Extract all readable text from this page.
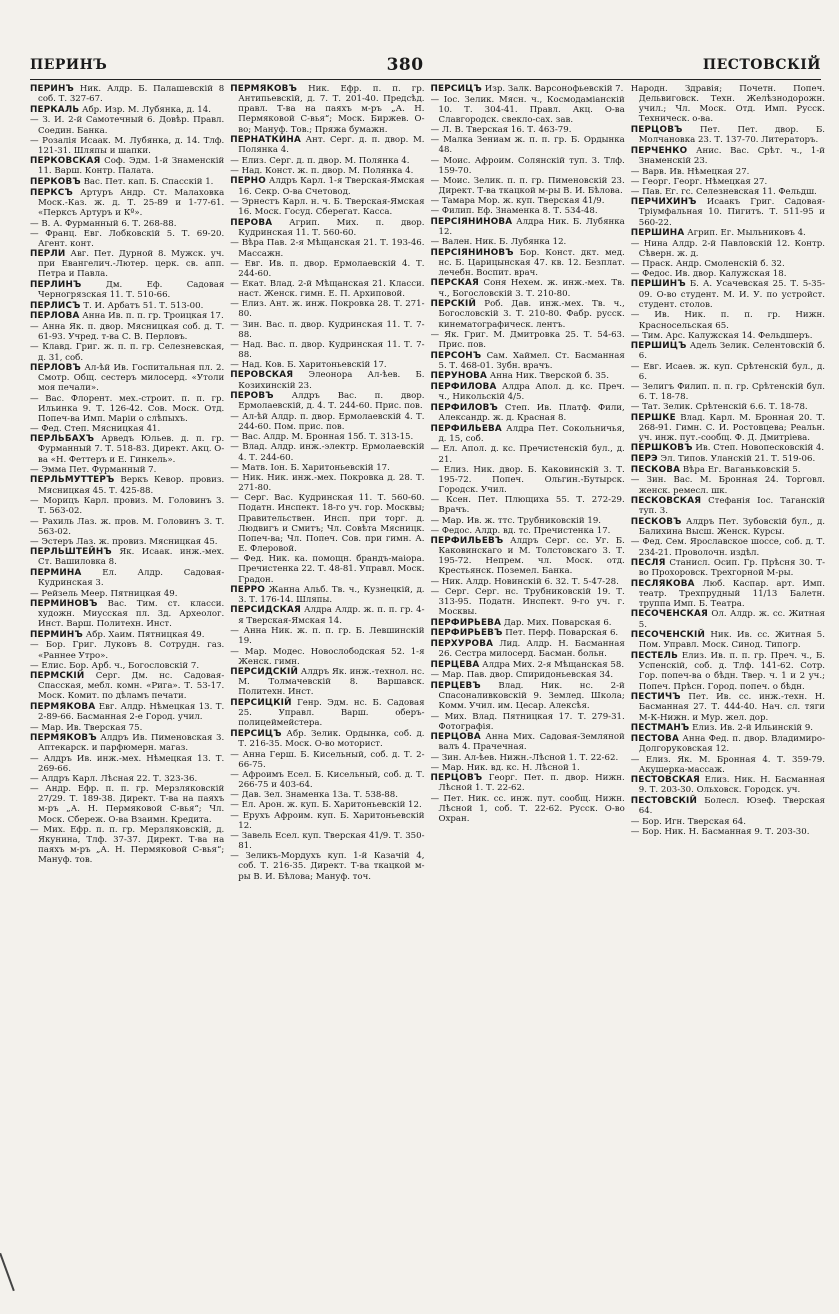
ПЕРИНЪ	380	ПЕСТОВСКIЙ
ПЕРИНЪ Ник. Алдр. Б. Палашевскiй 8 соб. Т. 327-67.
ПЕРКАЛЬ Абр. Изр. М. Лубянка, д. 14.
— З. И. 2-й Самотечный 6. Довѣр. Правл. Соедин. Банка.
— Розалiя Исаак. М. Лубянка, д. 14. Тлф. 121-31. Шляпы и шапки.
ПЕРКОВСКАЯ Соф. Эдм. 1-й Знаменскiй 11. Варш. Контр. Палата.
ПЕРКОВЪ Вас. Пет. кап. Б. Спасскiй 1.
ПЕРКСЪ Артуръ Андр. Ст. Малаховка Моск.-Каз. ж. д. Т. 25-89 и 1-77-61. «Перксъ Артуръ и Кº».
— В. А. Фурманный 6. Т. 268-88.
— Франц. Евг. Лобковскiй 5. Т. 69-20. Агент. конт.
ПЕРЛИ Авг. Пет. Дурной 8. Мужск. уч. при Евангелич.-Лютер. церк. св. апп. Петра и Павла.
ПЕРЛИНЪ Дм. Еф. Садовая Черногрязская 11. Т. 510-66.
ПЕРЛИСЪ Т. И. Арбатъ 51. Т. 513-00.
ПЕРЛОВА Анна Ив. п. п. гр. Троицкая 17.
— Анна Як. п. двор. Мясницкая соб. д. Т. 61-93. Учред. т-ва С. В. Перловъ.
— Клавд. Григ. ж. п. п. гр. Селезневская, д. 31, соб.
ПЕРЛОВЪ Ал-ѣй Ив. Госпитальная пл. 2. Смотр. Общ. сестеръ милосерд. «Утоли моя печали».
— Вас. Флорент. мех.-строит. п. п. гр. Ильинка 9. Т. 126-42. Сов. Моск. Отд. Попеч-ва Имп. Марiи о слѣпыхъ.
— Фед. Степ. Мясницкая 41.
ПЕРЛЬБАХЪ Арведъ Юльев. д. п. гр. Фурманный 7. Т. 518-83. Директ. Акц. О-ва «Н. Феттеръ и Е. Гинкель».
— Эмма Пет. Фурманный 7.
ПЕРЛЬМУТТЕРЪ Веркъ Кевор. провиз. Мясницкая 45. Т. 425-88.
— Морицъ Карл. провиз. М. Головинъ 3. Т. 563-02.
— Рахиль Лаз. ж. пров. М. Головинъ 3. Т. 563-02.
— Эстеръ Лаз. ж. провиз. Мясницкая 45.
ПЕРЛЬШТЕЙНЪ Як. Исаак. инж.-мех. Ст. Вашиловка 8.
ПЕРМИНА Ел. Алдр. Садовая-Кудринская 3.
— Рейзель Меер. Пятницкая 49.
ПЕРМИНОВЪ Вас. Тим. ст. класси. художн. Миусская пл. 3д. Археолог. Инст. Варш. Политехн. Инст.
ПЕРМИНЪ Абр. Хаим. Пятницкая 49.
— Бор. Григ. Луковъ 8. Сотрудн. газ. «Раннее Утро».
— Елис. Бор. Арб. ч., Богословскiй 7.
ПЕРМСКIЙ Серг. Дм. нс. Садовая-Спасская, мебл. комн. «Рига». Т. 53-17. Моск. Комит. по дѣламъ печати.
ПЕРМЯКОВА Евг. Алдр. Нѣмецкая 13. Т. 2-89-66. Басманная 2-е Город. учил.
— Мар. Ив. Тверская 75.
ПЕРМЯКОВЪ Алдръ Ив. Пименовская 3. Аптекарск. и парфюмерн. магаз.
— Алдръ Ив. инж.-мех. Нѣмецкая 13. Т. 269-66.
— Алдръ Карл. Лѣсная 22. Т. 323-36.
— Андр. Ефр. п. п. гр. Мерзляковскiй 27/29. Т. 189-38. Директ. Т-ва на паяхъ м-ръ „А. Н. Пермяковой С-вья“; Чл. Моск. Сбереж. О-ва Взаимн. Кредита.
— Мих. Ефр. п. п. гр. Мерзляковскiй, д. Якунина, Тлф. 37-37. Директ. Т-ва на паяхъ м-ръ „А. Н. Пермяковой С-вья“; Мануф. тов.
ПЕРМЯКОВЪ Ник. Ефр. п. п. гр. Антипьевскiй, д. 7. Т. 201-40. Предсѣд. правл. Т-ва на паяхъ м-ръ „А. Н. Пермяковой С-вья“; Моск. Биржев. О-во; Мануф. Тов.; Пряжа бумажн.
ПЕРНАТКИНА Ант. Серг. д. п. двор. М. Полянка 4.
— Елиз. Серг. д. п. двор. М. Полянка 4.
— Над. Конст. ж. п. двор. М. Полянка 4.
ПЕРНО Алдръ Карл. 1-я Тверская-Ямская 16. Секр. О-ва Счетовод.
— Эрнестъ Карл. н. ч. Б. Тверская-Ямская 16. Моск. Госуд. Сберегат. Касса.
ПЕРОВА Агрип. Мих. п. двор. Кудринская 11. Т. 560-60.
— Вѣра Пав. 2-я Мѣщанская 21. Т. 193-46. Массажн.
— Евг. Ив. п. двор. Ермолаевскiй 4. Т. 244-60.
— Екат. Влад. 2-й Мѣщанская 21. Класси. наст. Женск. гимн. Е. П. Архиповой.
— Елиз. Ант. ж. инж. Покровка 28. Т. 271-80.
— Зин. Вас. п. двор. Кудринская 11. Т. 7-88.
— Над. Вас. п. двор. Кудринская 11. Т. 7-88.
— Над. Ков. Б. Харитоньевскiй 17.
ПЕРОВСКАЯ Элеонора Ал-ѣев. Б. Козихинскiй 23.
ПЕРОВЪ Алдръ Вас. п. двор. Ермолаевскiй, д. 4. Т. 244-60. Прис. пов.
— Ал-ѣй Алдр. п. двор. Ермолаевскiй 4. Т. 244-60. Пом. прис. пов.
— Вас. Алдр. М. Бронная 15б. Т. 313-15.
— Влад. Алдр. инж.-электр. Ермолаевскiй 4. Т. 244-60.
— Матв. Iон. Б. Харитоньевскiй 17.
— Ник. Ник. инж.-мех. Покровка д. 28. Т. 271-80.
— Серг. Вас. Кудринская 11. Т. 560-60. Податн. Инспект. 18-го уч. гор. Москвы; Правительствен. Инсп. при торг. д. Людвигъ и Смитъ; Чл. Совѣта Мясницк. Попеч-ва; Чл. Попеч. Сов. при гимн. А. Е. Флеровой.
— Фед. Ник. ка. помощн. брандъ-маiора. Пречистенка 22. Т. 48-81. Управл. Моск. Градон.
ПЕРРО Жанна Альб. Тв. ч., Кузнецкiй, д. 3. Т. 176-14. Шляпы.
ПЕРСИДСКАЯ Алдра Алдр. ж. п. п. гр. 4-я Тверская-Ямская 14.
— Анна Ник. ж. п. п. гр. Б. Левшинскiй 19.
— Мар. Модес. Новослободская 52. 1-я Женск. гимн.
ПЕРСИДСКIЙ Алдръ Як. инж.-технол. нс. М. Толмачевскiй 8. Варшавск. Политехн. Инст.
ПЕРСИЦКIЙ Генр. Эдм. нс. Б. Садовая 25. Управл. Варш. оберъ-полицеймейстера.
ПЕРСИЦЪ Абр. Зелик. Ордынка, соб. д. Т. 216-35. Моск. О-во моторист.
— Анна Герш. Б. Кисельный, соб. д. Т. 2-66-75.
— Афроимъ Есел. Б. Кисельный, соб. д. Т. 266-75 и 403-64.
— Дав. Зел. Знаменка 13а. Т. 538-88.
— Ел. Арон. ж. куп. Б. Харитоньевскiй 12.
— Ерухъ Афроим. куп. Б. Харитоньевскiй 12.
— Завель Есел. куп. Тверская 41/9. Т. 350-81.
— Зеликъ-Мордухъ куп. 1-й Казачiй 4, соб. Т. 216-35. Директ. Т-ва ткацкой м-ры В. И. Бѣлова; Мануф. точ.
ПЕРСИЦЪ Изр. Залк. Варсонофьевскiй 7.
— Iос. Зелик. Мясн. ч., Космодамiанскiй 10. Т. 304-41. Правл. Акц. О-ва Славгородск. свекло-сах. зав.
— Л. В. Тверская 16. Т. 463-79.
— Малка Зениам ж. п. п. гр. Б. Ордынка 48.
— Моис. Афроим. Солянскiй туп. 3. Тлф. 159-70.
— Моис. Зелик. п. п. гр. Пименовскiй 23. Директ. Т-ва ткацкой м-ры В. И. Бѣлова.
— Тамара Мор. ж. куп. Тверская 41/9.
— Филип. Еф. Знаменка 8. Т. 534-48.
ПЕРСIЯНИНОВА Алдра Ник. Б. Лубянка 12.
— Вален. Ник. Б. Лубянка 12.
ПЕРСIЯНИНОВЪ Бор. Конст. дкт. мед. нс. Б. Царицынская 47. кв. 12. Безплат. лечебн. Воспит. врач.
ПЕРСКАЯ Соня Нехем. ж. инж.-мех. Тв. ч., Богословскiй 3. Т. 210-80.
ПЕРСКIЙ Роб. Дав. инж.-мех. Тв. ч., Богословскiй 3. Т. 210-80. Фабр. русск. кинематографическ. лентъ.
— Як. Григ. М. Дмитровка 25. Т. 54-63. Прис. пов.
ПЕРСОНЪ Сам. Хаймел. Ст. Басманная 5. Т. 468-01. Зубн. врачъ.
ПЕРУНОВА Анна Ник. Тверской б. 35.
ПЕРФИЛОВА Алдра Апол. д. кс. Преч. ч., Никольскiй 4/5.
ПЕРФИЛОВЪ Степ. Ив. Платф. Фили, Александр. ж. д. Красная 8.
ПЕРФИЛЬЕВА Алдра Пет. Сокольничья, д. 15, соб.
— Ел. Апол. д. кс. Пречистенскiй бул., д. 21.
— Елиз. Ник. двор. Б. Каковинскiй 3. Т. 195-72. Попеч. Ольгин.-Бутырск. Городск. Учил.
— Ксен. Пет. Плющиха 55. Т. 272-29. Врачъ.
— Мар. Ив. ж. ттс. Трубниковскiй 19.
— Федос. Алдр. вд. тс. Пречистенка 17.
ПЕРФИЛЬЕВЪ Алдръ Серг. сс. Уг. Б. Каковинскаго и М. Толстовскаго 3. Т. 195-72. Непрем. чл. Моск. отд. Крестьянск. Поземел. Банка.
— Ник. Алдр. Новинскiй 6. 32. Т. 5-47-28.
— Серг. Серг. нс. Трубниковскiй 19. Т. 313-95. Податн. Инспект. 9-го уч. г. Москвы.
ПЕРФИРЬЕВА Дар. Мих. Поварская 6.
ПЕРФИРЬЕВЪ Пет. Перф. Поварская 6.
ПЕРХУРОВА Лид. Алдр. Н. Басманная 26. Сестра милосерд. Басман. больн.
ПЕРЦЕВА Алдра Мих. 2-я Мѣщанская 58.
— Мар. Пав. двор. Спиридоньевская 34.
ПЕРЦЕВЪ Влад. Ник. нс. 2-й Спасоналивковскiй 9. Землед. Школа; Комм. Учил. им. Цесар. Алексѣя.
— Мих. Влад. Пятницкая 17. Т. 279-31. Фотографiя.
ПЕРЦОВА Анна Мих. Садовая-Земляной валъ 4. Прачечная.
— Зин. Ал-ѣев. Нижн.-Лѣсной 1. Т. 22-62.
— Мар. Ник. вд. кс. Н. Лѣсной 1.
ПЕРЦОВЪ Георг. Пет. п. двор. Нижн. Лѣсной 1. Т. 22-62.
— Пет. Ник. сс. инж. пут. сообщ. Нижн. Лѣсной 1, соб. Т. 22-62. Русск. О-во Охран.
Народн. Здравiя; Почетн. Попеч. Дельвиговск. Техн. Желѣзнодорожн. учил.; Чл. Моск. Отд. Имп. Русск. Техническ. о-ва.
ПЕРЦОВЪ Пет. Пет. двор. Б. Молчановка 23. Т. 137-70. Литераторъ.
ПЕРЧЕНКО Анис. Вас. Срѣт. ч., 1-й Знаменскiй 23.
— Варв. Ив. Нѣмецкая 27.
— Георг. Георг. Нѣмецкая 27.
— Пав. Ег. гс. Селезневская 11. Фельдш.
ПЕРЧИХИНЪ Исаакъ Григ. Садовая-Трiумфальная 10. Пигитъ. Т. 511-95 и 560-22.
ПЕРШИНА Агрип. Ег. Мыльниковъ 4.
— Нина Алдр. 2-й Павловскiй 12. Контр. Сѣверн. ж. д.
— Праск. Андр. Смоленскiй б. 32.
— Федос. Ив. двор. Калужская 18.
ПЕРШИНЪ Б. А. Усачевская 25. Т. 5-35-09. О-во студент. М. И. У. по устройст. студент. столов.
— Ив. Ник. п. п. гр. Нижн. Красносельская 65.
— Тим. Арс. Калужская 14. Фельдшеръ.
ПЕРШИЦЪ Адель Зелик. Селентовскiй б. 6.
— Евг. Исаев. ж. куп. Срѣтенскiй бул., д. 6.
— Зелигъ Филип. п. п. гр. Срѣтенскiй бул. 6. Т. 18-78.
— Тат. Зелик. Срѣтенскiй 6.6. Т. 18-78.
ПЕРШКЕ Влад. Карл. М. Бронная 20. Т. 268-91. Гимн. С. И. Ростовцева; Реальн. уч. инж. пут.-сообщ. Ф. Д. Дмитрiева.
ПЕРШКОВЪ Ив. Степ. Новопесковскiй 4.
ПЕРЭ Эл. Типов. Уланскiй 21. Т. 519-06.
ПЕСКОВА Вѣра Ег. Ваганьковскiй 5.
— Зин. Вас. М. Бронная 24. Торговл. женск. ремесл. шк.
ПЕСКОВСКАЯ Стефанiя Iос. Таганскiй туп. 3.
ПЕСКОВЪ Алдръ Пет. Зубовскiй бул., д. Балихина Высш. Женск. Курсы.
— Фед. Сем. Ярославское шоссе, соб. д. Т. 234-21. Проволочн. издѣл.
ПЕСЛЯ Станисл. Осип. Гр. Прѣсня 30. Т-во Прохоровск. Трехгорной М-ры.
ПЕСЛЯКОВА Люб. Каспар. арт. Имп. театр. Трехпрудный 11/13 Балетн. труппа Имп. Б. Театра.
ПЕСОЧЕНСКАЯ Ол. Алдр. ж. сс. Житная 5.
ПЕСОЧЕНСКIЙ Ник. Ив. сс. Житная 5. Пом. Управл. Моск. Синод. Типогр.
ПЕСТЕЛЬ Елиз. Ив. п. п. гр. Преч. ч., Б. Успенскiй, соб. д. Тлф. 141-62. Сотр. Гор. попеч-ва о бѣдн. Твер. ч. 1 и 2 уч.; Попеч. Прѣсн. Город. попеч. о бѣдн.
ПЕСТИЧЪ Пет. Ив. сс. инж.-техн. Н. Басманная 27. Т. 444-40. Нач. сл. тяги М-К-Нижн. и Мур. жел. дор.
ПЕСТМАНЪ Елиз. Ив. 2-й Ильинскiй 9.
ПЕСТОВА Анна Фед. п. двор. Владимиро-Долгоруковская 12.
— Елиз. Як. М. Бронная 4. Т. 359-79. Акушерка-массаж.
ПЕСТОВСКАЯ Елиз. Ник. Н. Басманная 9. Т. 203-30. Ольховск. Городск. уч.
ПЕСТОВСКIЙ Болесл. Юзеф. Тверская 64.
— Бор. Игн. Тверская 64.
— Бор. Ник. Н. Басманная 9. Т. 203-30.
